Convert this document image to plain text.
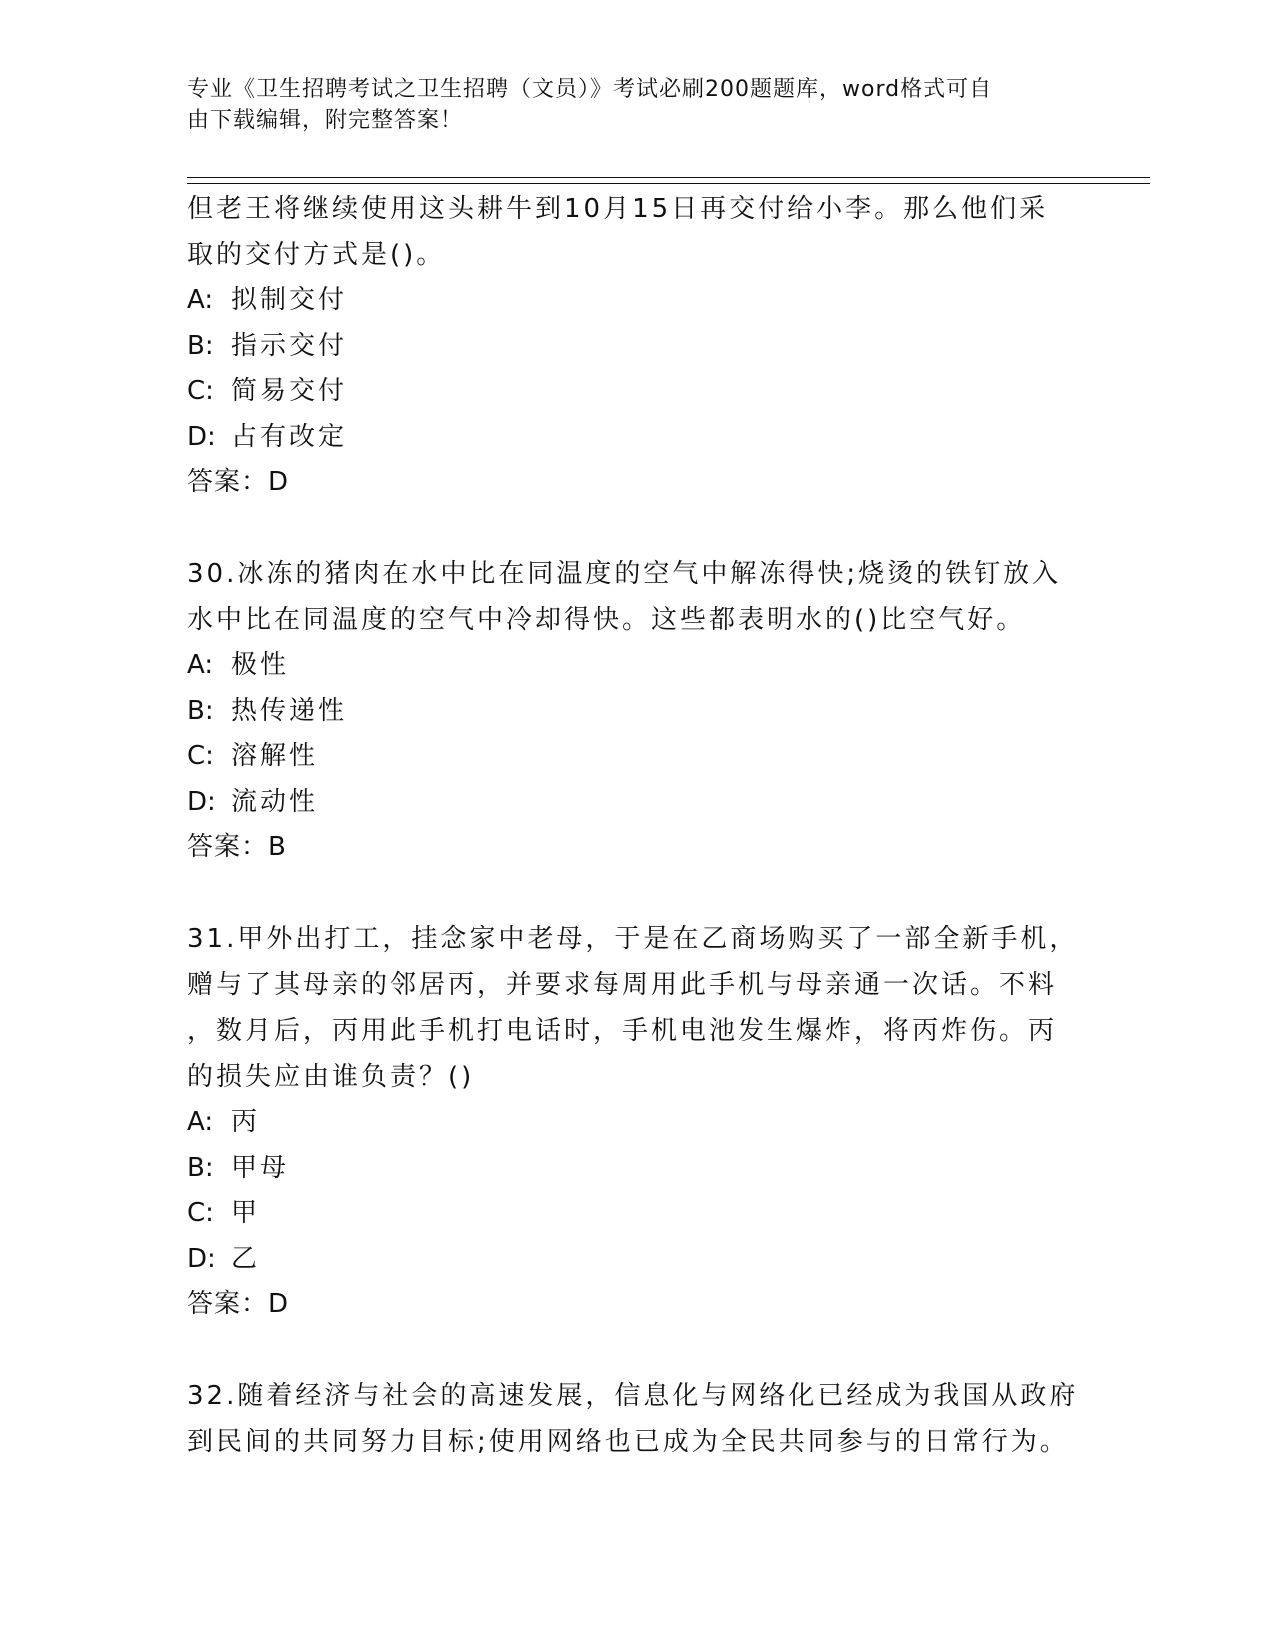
专业《卫生招聘考试之卫生招聘（文员）》考试必刷200题题库，word格式可自
由下载编辑，附完整答案！
但老王将继续使用这头耕牛到10月15日再交付给小李。那么他们采
取的交付方式是()。
A: 拟制交付
B: 指示交付
C: 简易交付
D: 占有改定
答案：D
30.冰冻的猪肉在水中比在同温度的空气中解冻得快;烧烫的铁钉放入
水中比在同温度的空气中冷却得快。这些都表明水的()比空气好。
A: 极性
B: 热传递性
C: 溶解性
D: 流动性
答案：B
31.甲外出打工，挂念家中老母，于是在乙商场购买了一部全新手机，
赠与了其母亲的邻居丙，并要求每周用此手机与母亲通一次话。不料
，数月后，丙用此手机打电话时，手机电池发生爆炸，将丙炸伤。丙
的损失应由谁负责？()
A: 丙
B: 甲母
C: 甲
D: 乙
答案：D
32.随着经济与社会的高速发展，信息化与网络化已经成为我国从政府
到民间的共同努力目标;使用网络也已成为全民共同参与的日常行为。
